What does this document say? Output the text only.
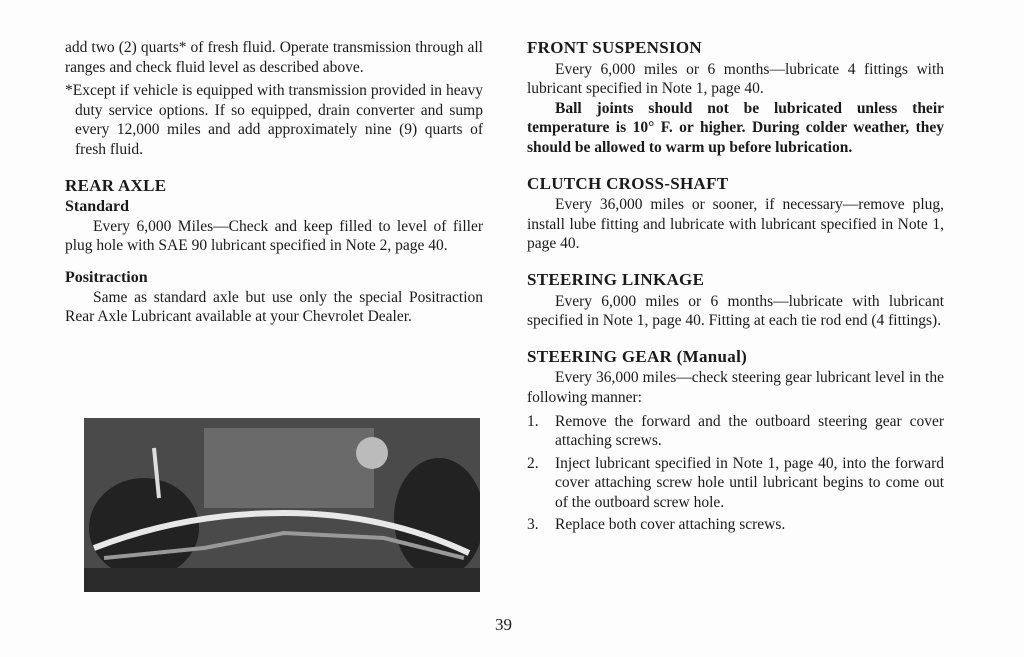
add two (2) quarts* of fresh fluid. Operate transmission through all ranges and check fluid level as described above.

*Except if vehicle is equipped with transmission provided in heavy duty service options. If so equipped, drain converter and sump every 12,000 miles and add approximately nine (9) quarts of fresh fluid.

REAR AXLE
Standard

Every 6,000 Miles—Check and keep filled to level of filler plug hole with SAE 90 lubricant specified in Note 2, page 40.

Positraction

Same as standard axle but use only the special Positraction Rear Axle Lubricant available at your Chevrolet Dealer.

FRONT SUSPENSION

Every 6,000 miles or 6 months—lubricate 4 fittings with lubricant specified in Note 1, page 40.

Ball joints should not be lubricated unless their temperature is 10° F. or higher. During colder weather, they should be allowed to warm up before lubrication.

CLUTCH CROSS-SHAFT

Every 36,000 miles or sooner, if necessary—remove plug, install lube fitting and lubricate with lubricant specified in Note 1, page 40.

STEERING LINKAGE

Every 6,000 miles or 6 months—lubricate with lubricant specified in Note 1, page 40. Fitting at each tie rod end (4 fittings).

STEERING GEAR (Manual)

Every 36,000 miles—check steering gear lubricant level in the following manner:

1. Remove the forward and the outboard steering gear cover attaching screws.
2. Inject lubricant specified in Note 1, page 40, into the forward cover attaching screw hole until lubricant begins to come out of the outboard screw hole.
3. Replace both cover attaching screws.
39
